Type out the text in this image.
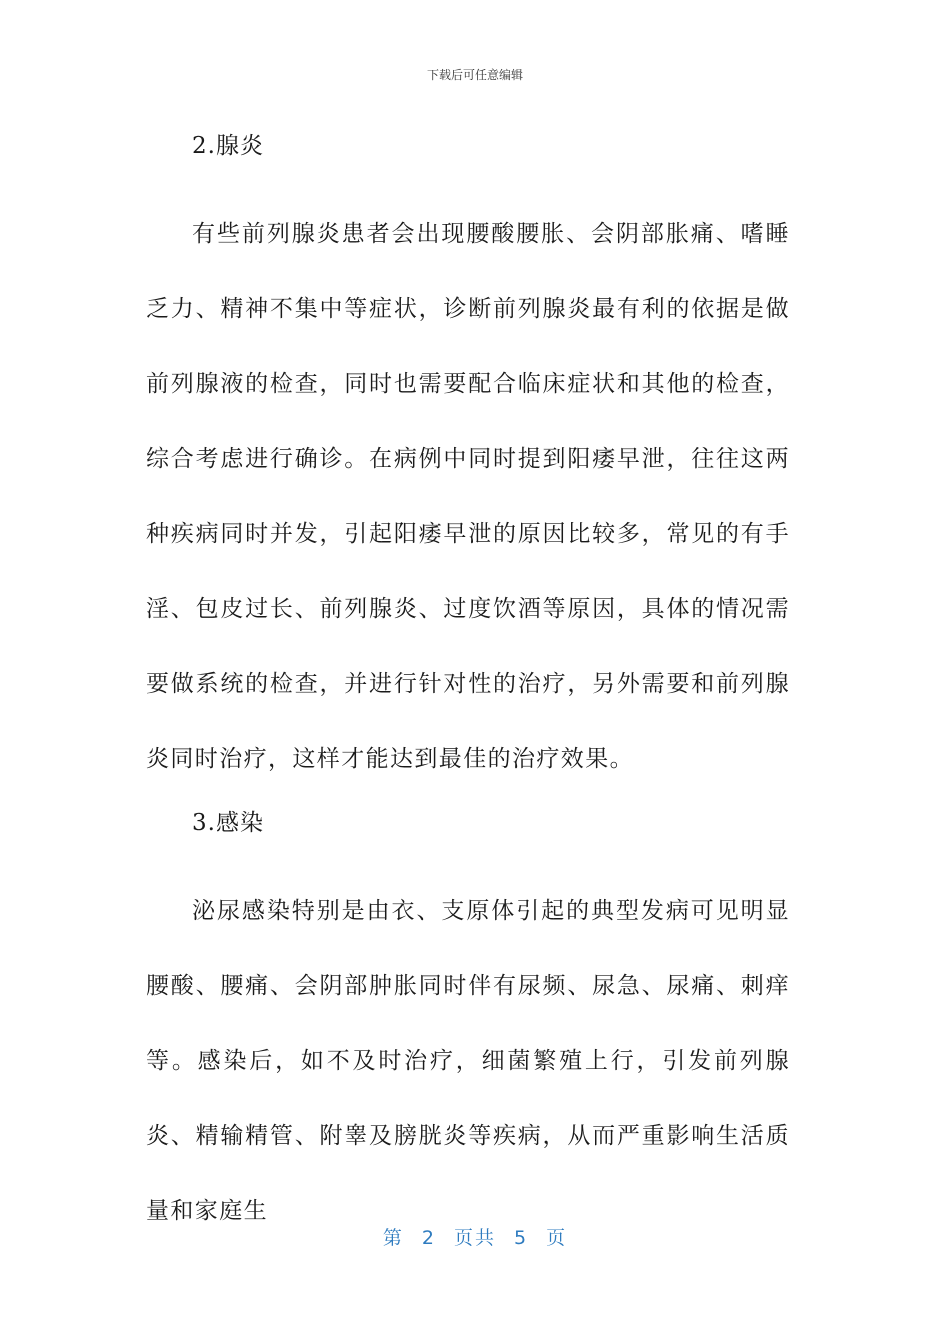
下载后可任意编辑
2.腺炎

有些前列腺炎患者会出现腰酸腰胀、会阴部胀痛、嗜睡乏力、精神不集中等症状，诊断前列腺炎最有利的依据是做前列腺液的检查，同时也需要配合临床症状和其他的检查，综合考虑进行确诊。在病例中同时提到阳痿早泄，往往这两种疾病同时并发，引起阳痿早泄的原因比较多，常见的有手淫、包皮过长、前列腺炎、过度饮酒等原因，具体的情况需要做系统的检查，并进行针对性的治疗，另外需要和前列腺炎同时治疗，这样才能达到最佳的治疗效果。

3.感染

泌尿感染特别是由衣、支原体引起的典型发病可见明显腰酸、腰痛、会阴部肿胀同时伴有尿频、尿急、尿痛、刺痒等。感染后，如不及时治疗，细菌繁殖上行，引发前列腺炎、精输精管、附睾及膀胱炎等疾病，从而严重影响生活质量和家庭生

第 2 页共 5 页
